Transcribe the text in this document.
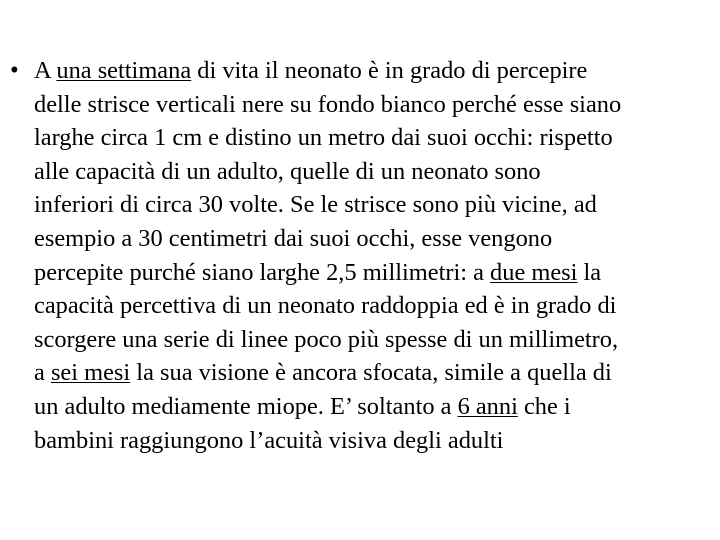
• A una settimana di vita il neonato è in grado di percepire
delle strisce verticali nere su fondo bianco perché esse siano
larghe circa 1 cm e distino un metro dai suoi occhi: rispetto
alle capacità di un adulto, quelle di un neonato sono
inferiori di circa 30 volte. Se le strisce sono più vicine, ad
esempio a 30 centimetri dai suoi occhi, esse vengono
percepite purché siano larghe 2,5 millimetri: a due mesi la
capacità percettiva di un neonato raddoppia ed è in grado di
scorgere una serie di linee poco più spesse di un millimetro,
a sei mesi la sua visione è ancora sfocata, simile a quella di
un adulto mediamente miope. E’ soltanto a 6 anni che i
bambini raggiungono l’acuità visiva degli adulti
